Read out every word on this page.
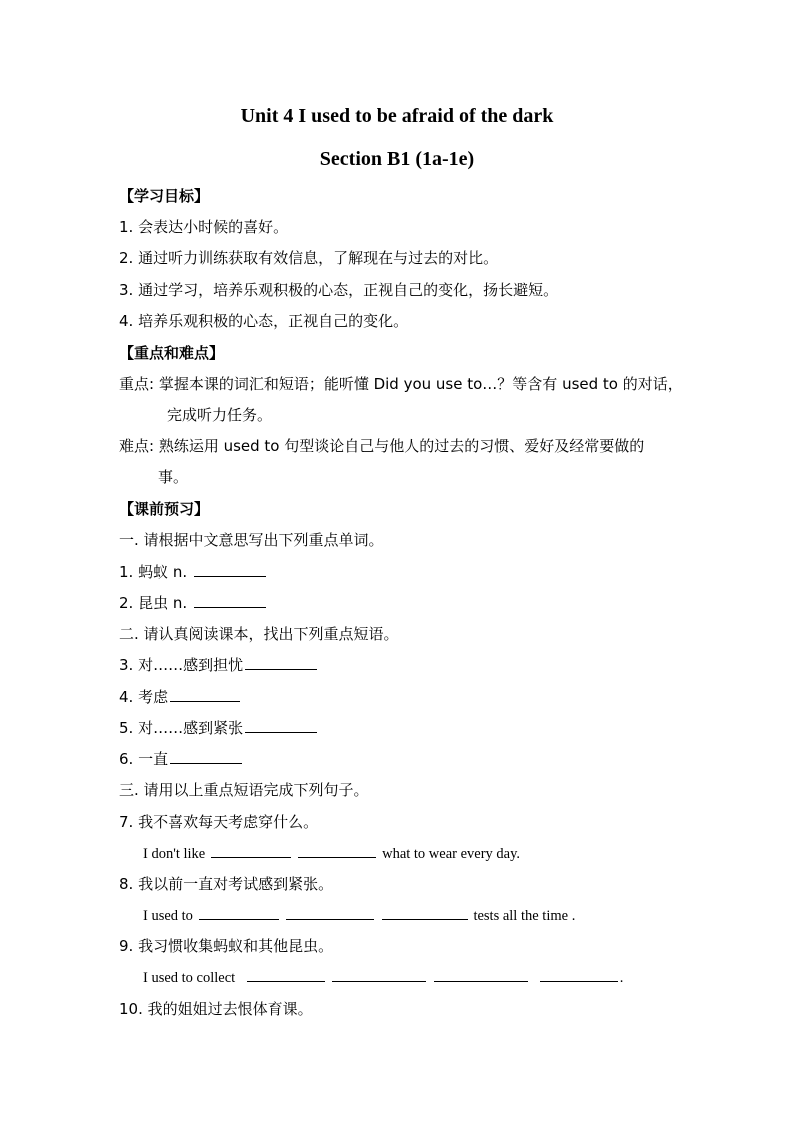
Unit 4 I used to be afraid of the dark
Section B1 (1a-1e)
【学习目标】
1. 会表达小时候的喜好。
2. 通过听力训练获取有效信息，了解现在与过去的对比。
3. 通过学习，培养乐观积极的心态，正视自己的变化，扬长避短。
4. 培养乐观积极的心态，正视自己的变化。
【重点和难点】
重点: 掌握本课的词汇和短语；能听懂 Did you use to…？等含有 used to 的对话，
完成听力任务。
难点: 熟练运用 used to 句型谈论自己与他人的过去的习惯、爱好及经常要做的
事。
【课前预习】
一. 请根据中文意思写出下列重点单词。
1. 蚂蚁 n.
2. 昆虫 n.
二. 请认真阅读课本，找出下列重点短语。
3. 对……感到担忧
4. 考虑
5. 对……感到紧张
6. 一直
三. 请用以上重点短语完成下列句子。
7. 我不喜欢每天考虑穿什么。
I don't like	what to wear every day.
8. 我以前一直对考试感到紧张。
I used to	tests all the time .
9. 我习惯收集蚂蚁和其他昆虫。
I used to collect	.
10. 我的姐姐过去恨体育课。
